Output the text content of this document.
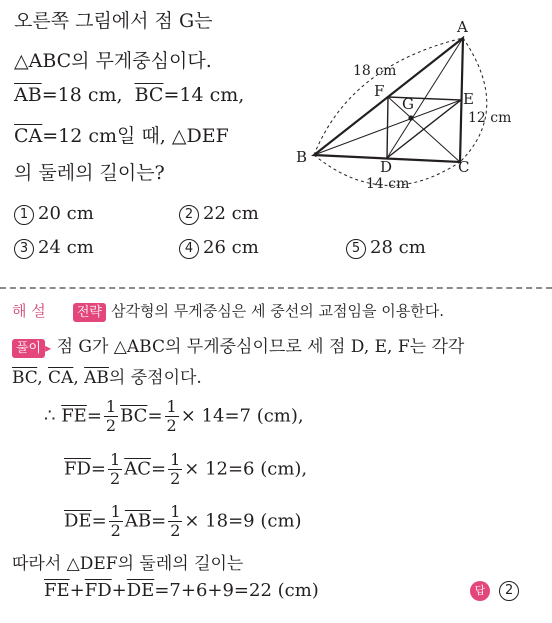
오른쪽 그림에서 점 G는
△ABC의 무게중심이다.
$\overline{AB}=18$ cm, $\overline{BC}=14$ cm,
$\overline{CA}=12$ cm일 때, △DEF
의 둘레의 길이는?
1 20 cm	2 22 cm
3 24 cm	4 26 cm	5 28 cm
A
B
C
D
E
F
G
18 cm
12 cm
14 cm
해 설 전략 삼각형의 무게중심은 세 중선의 교점임을 이용한다.
풀이 ▸ 점 G가 △ABC의 무게중심이므로 세 점 D, E, F는 각각
$\overline{BC}$, $\overline{CA}$, $\overline{AB}$의 중점이다.
∴ $\overline{FE}= \frac{1}{2} \overline{BC}= \frac{1}{2} \times 14=7$ (cm),
$\overline{FD}= \frac{1}{2} \overline{AC}= \frac{1}{2} \times 12=6$ (cm),
$\overline{DE}= \frac{1}{2} \overline{AB}= \frac{1}{2} \times 18=9$ (cm)
따라서 △DEF의 둘레의 길이는
$\overline{FE}+\overline{FD}+\overline{DE}=7+6+9=22$ (cm)	답 2
